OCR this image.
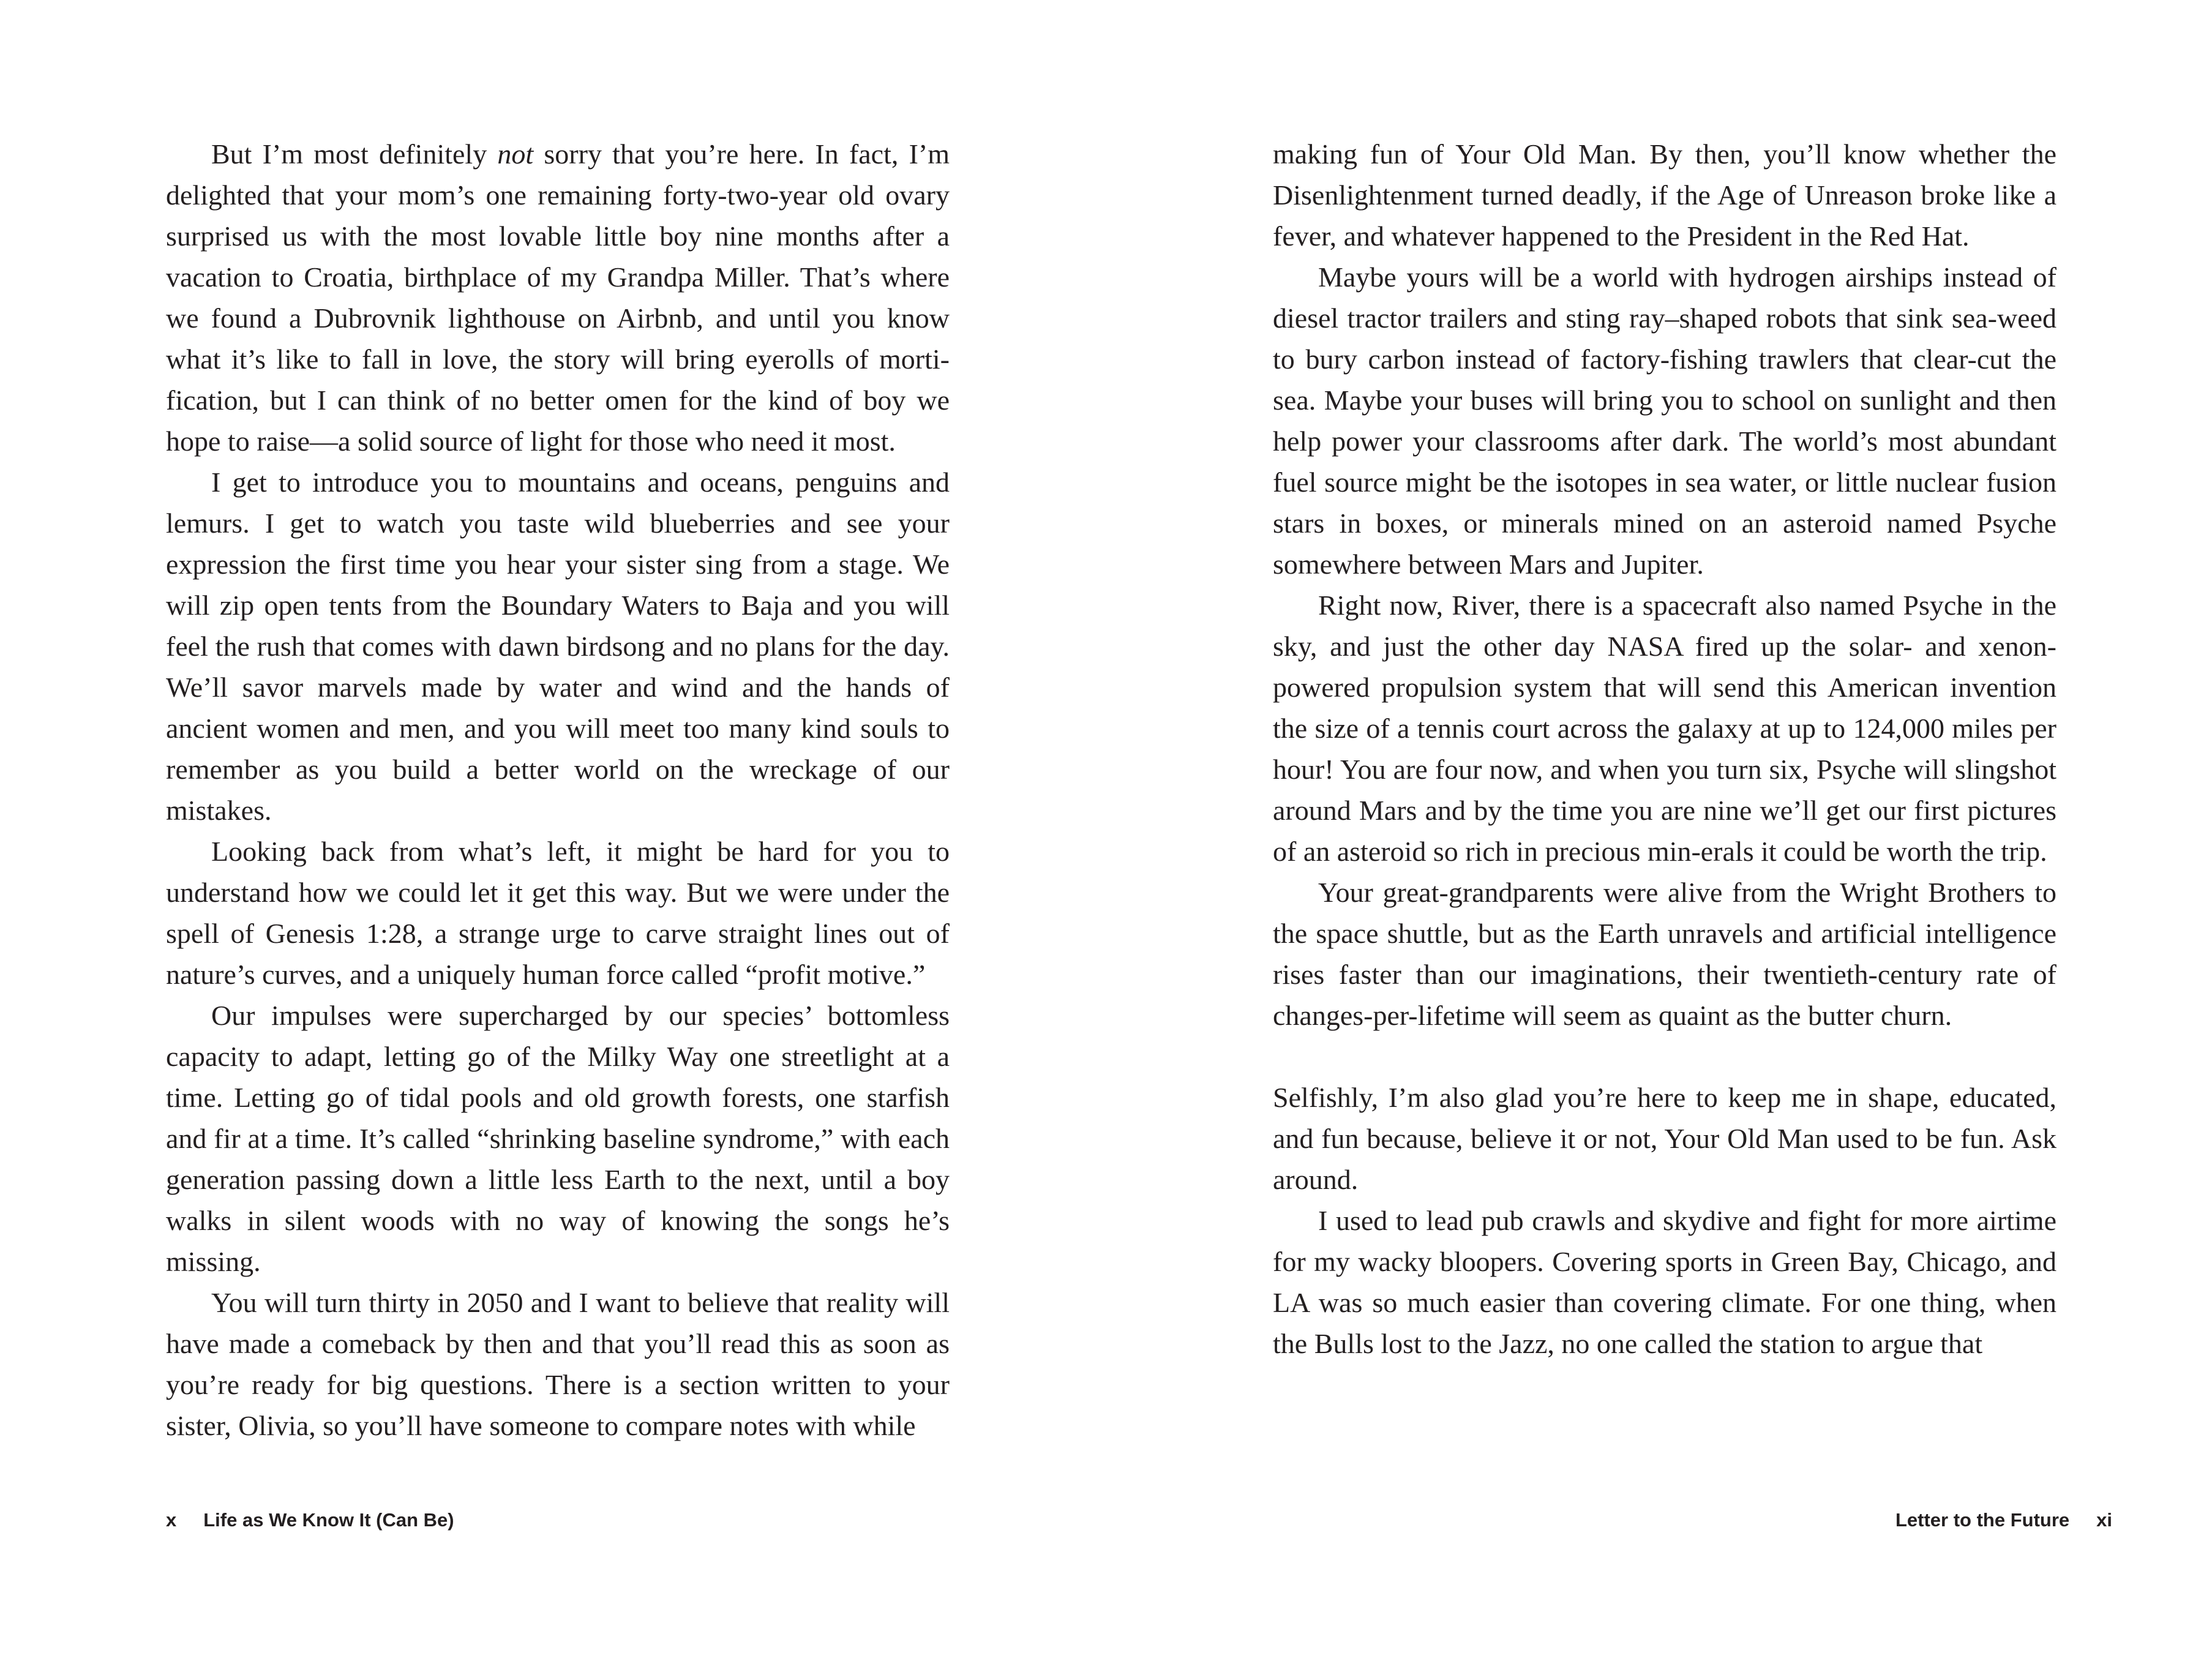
But I’m most definitely not sorry that you’re here. In fact, I’m delighted that your mom’s one remaining forty-two-year old ovary surprised us with the most lovable little boy nine months after a vacation to Croatia, birthplace of my Grandpa Miller. That’s where we found a Dubrovnik lighthouse on Airbnb, and until you know what it’s like to fall in love, the story will bring eyerolls of morti-fication, but I can think of no better omen for the kind of boy we hope to raise—a solid source of light for those who need it most.

I get to introduce you to mountains and oceans, penguins and lemurs. I get to watch you taste wild blueberries and see your expression the first time you hear your sister sing from a stage. We will zip open tents from the Boundary Waters to Baja and you will feel the rush that comes with dawn birdsong and no plans for the day. We’ll savor marvels made by water and wind and the hands of ancient women and men, and you will meet too many kind souls to remember as you build a better world on the wreckage of our mistakes.

Looking back from what’s left, it might be hard for you to understand how we could let it get this way. But we were under the spell of Genesis 1:28, a strange urge to carve straight lines out of nature’s curves, and a uniquely human force called “profit motive.”

Our impulses were supercharged by our species’ bottomless capacity to adapt, letting go of the Milky Way one streetlight at a time. Letting go of tidal pools and old growth forests, one starfish and fir at a time. It’s called “shrinking baseline syndrome,” with each generation passing down a little less Earth to the next, until a boy walks in silent woods with no way of knowing the songs he’s missing.

You will turn thirty in 2050 and I want to believe that reality will have made a comeback by then and that you’ll read this as soon as you’re ready for big questions. There is a section written to your sister, Olivia, so you’ll have someone to compare notes with while

x Life as We Know It (Can Be)

making fun of Your Old Man. By then, you’ll know whether the Disenlightenment turned deadly, if the Age of Unreason broke like a fever, and whatever happened to the President in the Red Hat.

Maybe yours will be a world with hydrogen airships instead of diesel tractor trailers and sting ray–shaped robots that sink sea-weed to bury carbon instead of factory-fishing trawlers that clear-cut the sea. Maybe your buses will bring you to school on sunlight and then help power your classrooms after dark. The world’s most abundant fuel source might be the isotopes in sea water, or little nuclear fusion stars in boxes, or minerals mined on an asteroid named Psyche somewhere between Mars and Jupiter.

Right now, River, there is a spacecraft also named Psyche in the sky, and just the other day NASA fired up the solar- and xenon-powered propulsion system that will send this American invention the size of a tennis court across the galaxy at up to 124,000 miles per hour! You are four now, and when you turn six, Psyche will slingshot around Mars and by the time you are nine we’ll get our first pictures of an asteroid so rich in precious min-erals it could be worth the trip.

Your great-grandparents were alive from the Wright Brothers to the space shuttle, but as the Earth unravels and artificial intelligence rises faster than our imaginations, their twentieth-century rate of changes-per-lifetime will seem as quaint as the butter churn.

Selfishly, I’m also glad you’re here to keep me in shape, educated, and fun because, believe it or not, Your Old Man used to be fun. Ask around.

I used to lead pub crawls and skydive and fight for more airtime for my wacky bloopers. Covering sports in Green Bay, Chicago, and LA was so much easier than covering climate. For one thing, when the Bulls lost to the Jazz, no one called the station to argue that

Letter to the Future xi
